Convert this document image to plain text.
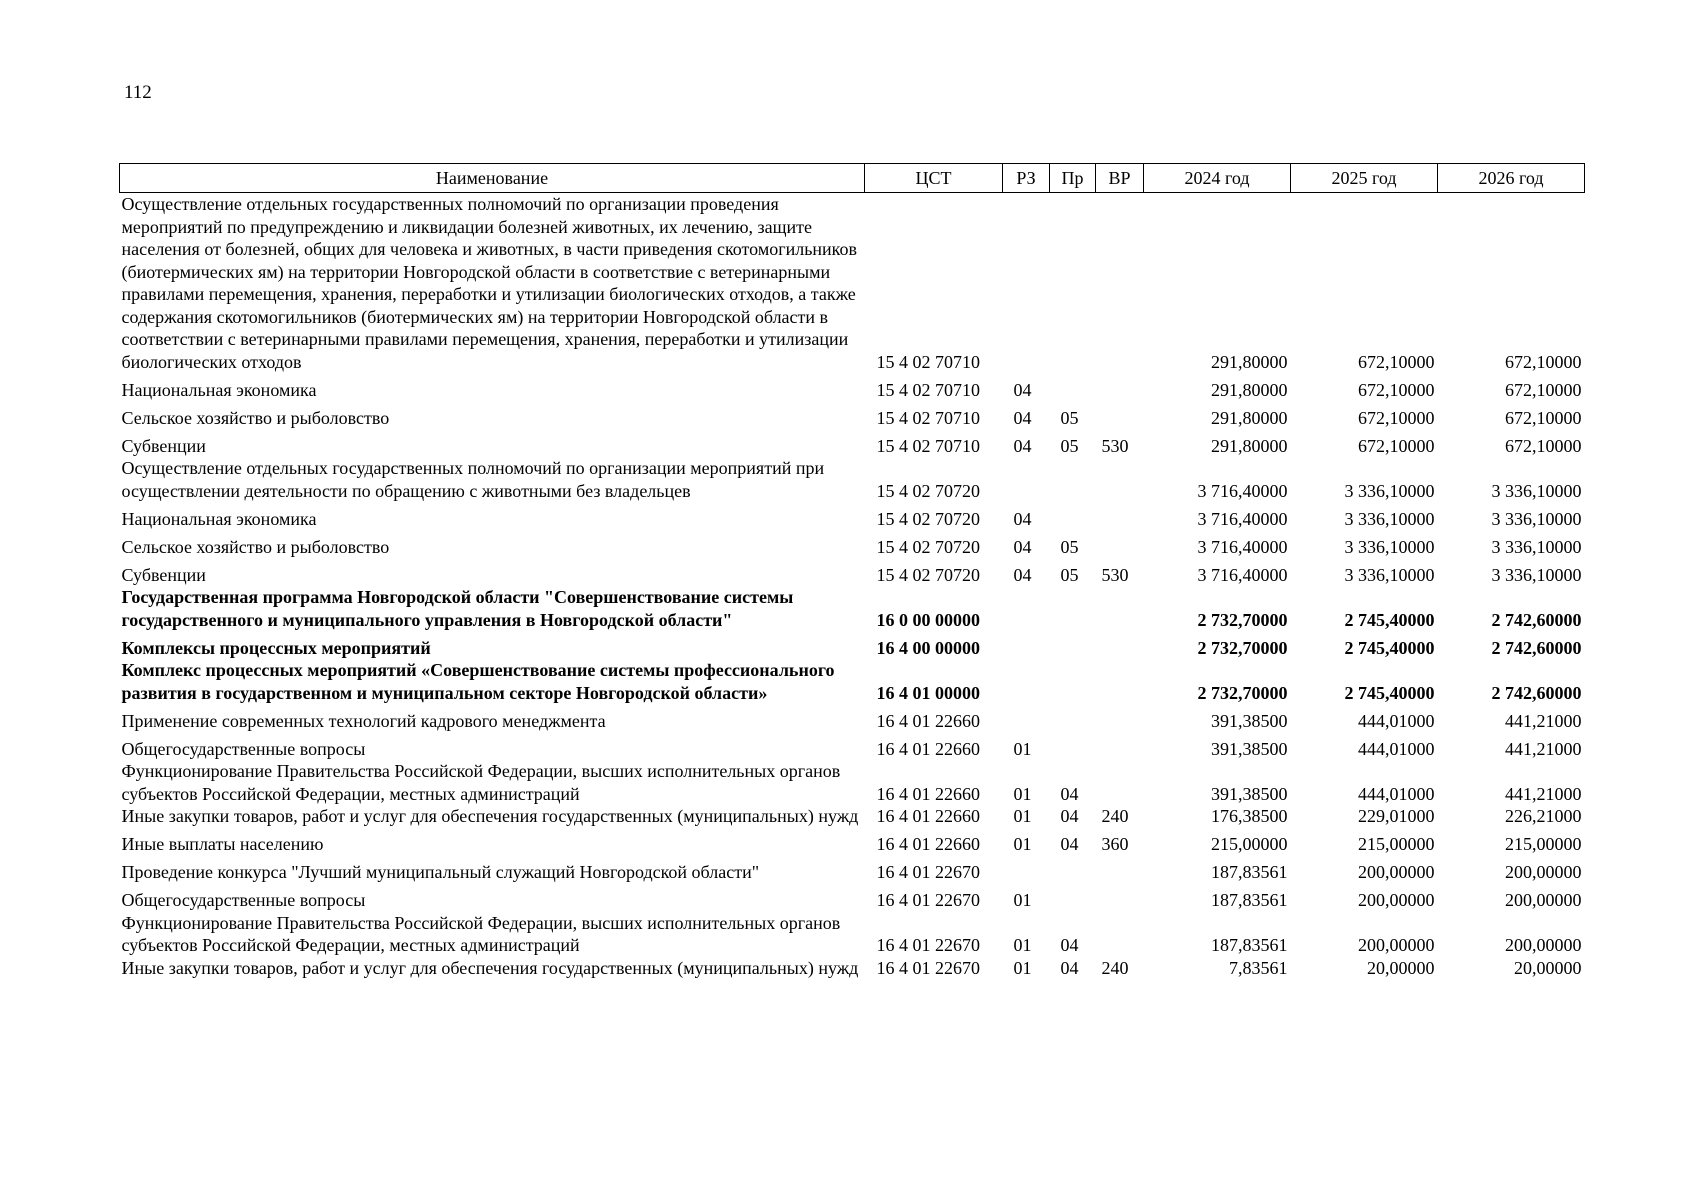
112
Наименование	ЦСТ	РЗ	Пр	ВР	2024 год	2025 год	2026 год
Осуществление отдельных государственных полномочий по организации проведения мероприятий по предупреждению и ликвидации болезней животных, их лечению, защите населения от болезней, общих для человека и животных, в части приведения скотомогильников (биотермических ям) на территории Новгородской области в соответствие с ветеринарными правилами перемещения, хранения, переработки и утилизации биологических отходов, а также содержания скотомогильников (биотермических ям) на территории Новгородской области в соответствии с ветеринарными правилами перемещения, хранения, переработки и утилизации биологических отходов	15 4 02 70710				291,80000	672,10000	672,10000
Национальная экономика	15 4 02 70710	04			291,80000	672,10000	672,10000
Сельское хозяйство и рыболовство	15 4 02 70710	04	05		291,80000	672,10000	672,10000
Субвенции	15 4 02 70710	04	05	530	291,80000	672,10000	672,10000
Осуществление отдельных государственных полномочий по организации мероприятий при осуществлении деятельности по обращению с животными без владельцев	15 4 02 70720				3 716,40000	3 336,10000	3 336,10000
Национальная экономика	15 4 02 70720	04			3 716,40000	3 336,10000	3 336,10000
Сельское хозяйство и рыболовство	15 4 02 70720	04	05		3 716,40000	3 336,10000	3 336,10000
Субвенции	15 4 02 70720	04	05	530	3 716,40000	3 336,10000	3 336,10000
Государственная программа Новгородской области "Совершенствование системы государственного и муниципального управления в Новгородской области"	16 0 00 00000				2 732,70000	2 745,40000	2 742,60000
Комплексы процессных мероприятий	16 4 00 00000				2 732,70000	2 745,40000	2 742,60000
Комплекс процессных мероприятий «Совершенствование системы профессионального развития в государственном и муниципальном секторе Новгородской области»	16 4 01 00000				2 732,70000	2 745,40000	2 742,60000
Применение современных технологий кадрового менеджмента	16 4 01 22660				391,38500	444,01000	441,21000
Общегосударственные вопросы	16 4 01 22660	01			391,38500	444,01000	441,21000
Функционирование Правительства Российской Федерации, высших исполнительных органов субъектов Российской Федерации, местных администраций	16 4 01 22660	01	04		391,38500	444,01000	441,21000
Иные закупки товаров, работ и услуг для обеспечения государственных (муниципальных) нужд	16 4 01 22660	01	04	240	176,38500	229,01000	226,21000
Иные выплаты населению	16 4 01 22660	01	04	360	215,00000	215,00000	215,00000
Проведение конкурса "Лучший муниципальный служащий Новгородской области"	16 4 01 22670				187,83561	200,00000	200,00000
Общегосударственные вопросы	16 4 01 22670	01			187,83561	200,00000	200,00000
Функционирование Правительства Российской Федерации, высших исполнительных органов субъектов Российской Федерации, местных администраций	16 4 01 22670	01	04		187,83561	200,00000	200,00000
Иные закупки товаров, работ и услуг для обеспечения государственных (муниципальных) нужд	16 4 01 22670	01	04	240	7,83561	20,00000	20,00000
